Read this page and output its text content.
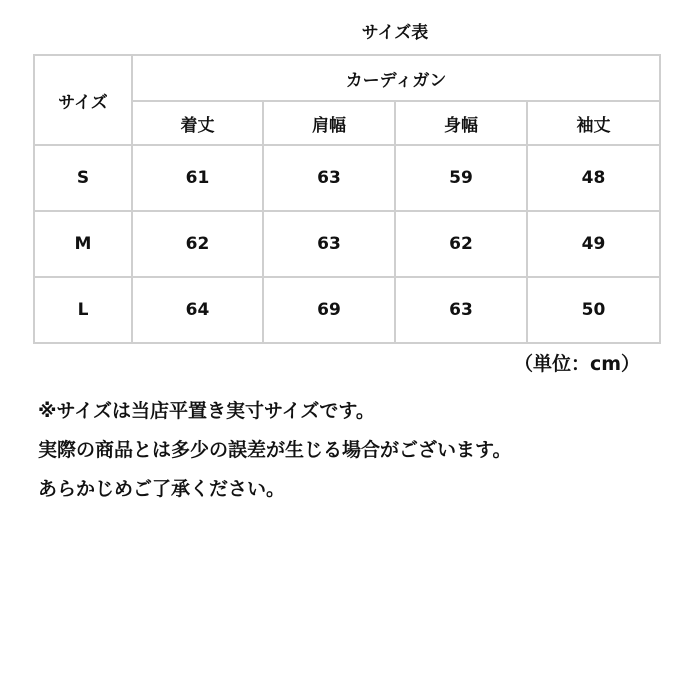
サイズ表
サイズ	カーディガン			
	着丈	肩幅	身幅	袖丈
S	61	63	59	48
M	62	63	62	49
L	64	69	63	50
（単位：cm）
※サイズは当店平置き実寸サイズです。
実際の商品とは多少の誤差が生じる場合がございます。
あらかじめご了承ください。
